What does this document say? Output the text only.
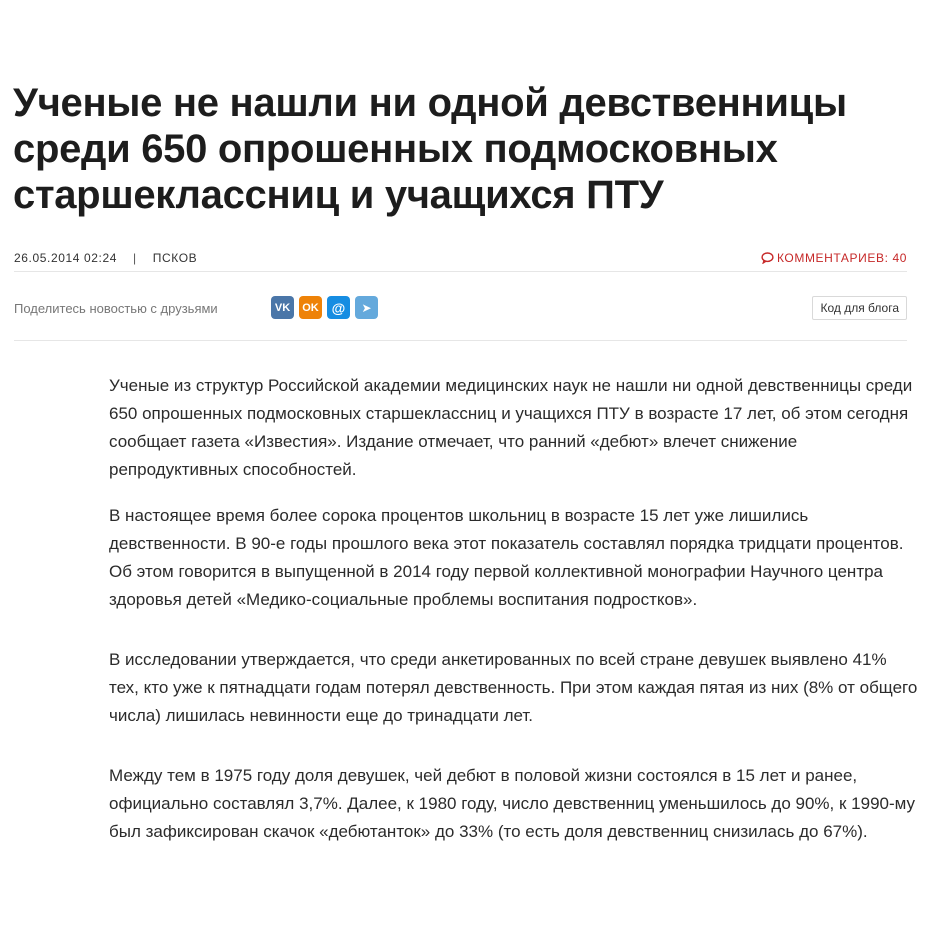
Ученые не нашли ни одной девственницы среди 650 опрошенных подмосковных старшеклассниц и учащихся ПТУ
26.05.2014 02:24 | ПСКОВ	КОММЕНТАРИЕВ: 40
Поделитесь новостью с друзьями	VK	OK @	➤	Код для блога

Ученые из структур Российской академии медицинских наук не нашли ни одной девственницы среди 650 опрошенных подмосковных старшеклассниц и учащихся ПТУ в возрасте 17 лет, об этом сегодня сообщает газета «Известия». Издание отмечает, что ранний «дебют» влечет снижение репродуктивных способностей.

В настоящее время более сорока процентов школьниц в возрасте 15 лет уже лишились девственности. В 90-е годы прошлого века этот показатель составлял порядка тридцати процентов. Об этом говорится в выпущенной в 2014 году первой коллективной монографии Научного центра здоровья детей «Медико-социальные проблемы воспитания подростков».

В исследовании утверждается, что среди анкетированных по всей стране девушек выявлено 41% тех, кто уже к пятнадцати годам потерял девственность. При этом каждая пятая из них (8% от общего числа) лишилась невинности еще до тринадцати лет.

Между тем в 1975 году доля девушек, чей дебют в половой жизни состоялся в 15 лет и ранее, официально составлял 3,7%. Далее, к 1980 году, число девственниц уменьшилось до 90%, к 1990-му был зафиксирован скачок «дебютанток» до 33% (то есть доля девственниц снизилась до 67%).
